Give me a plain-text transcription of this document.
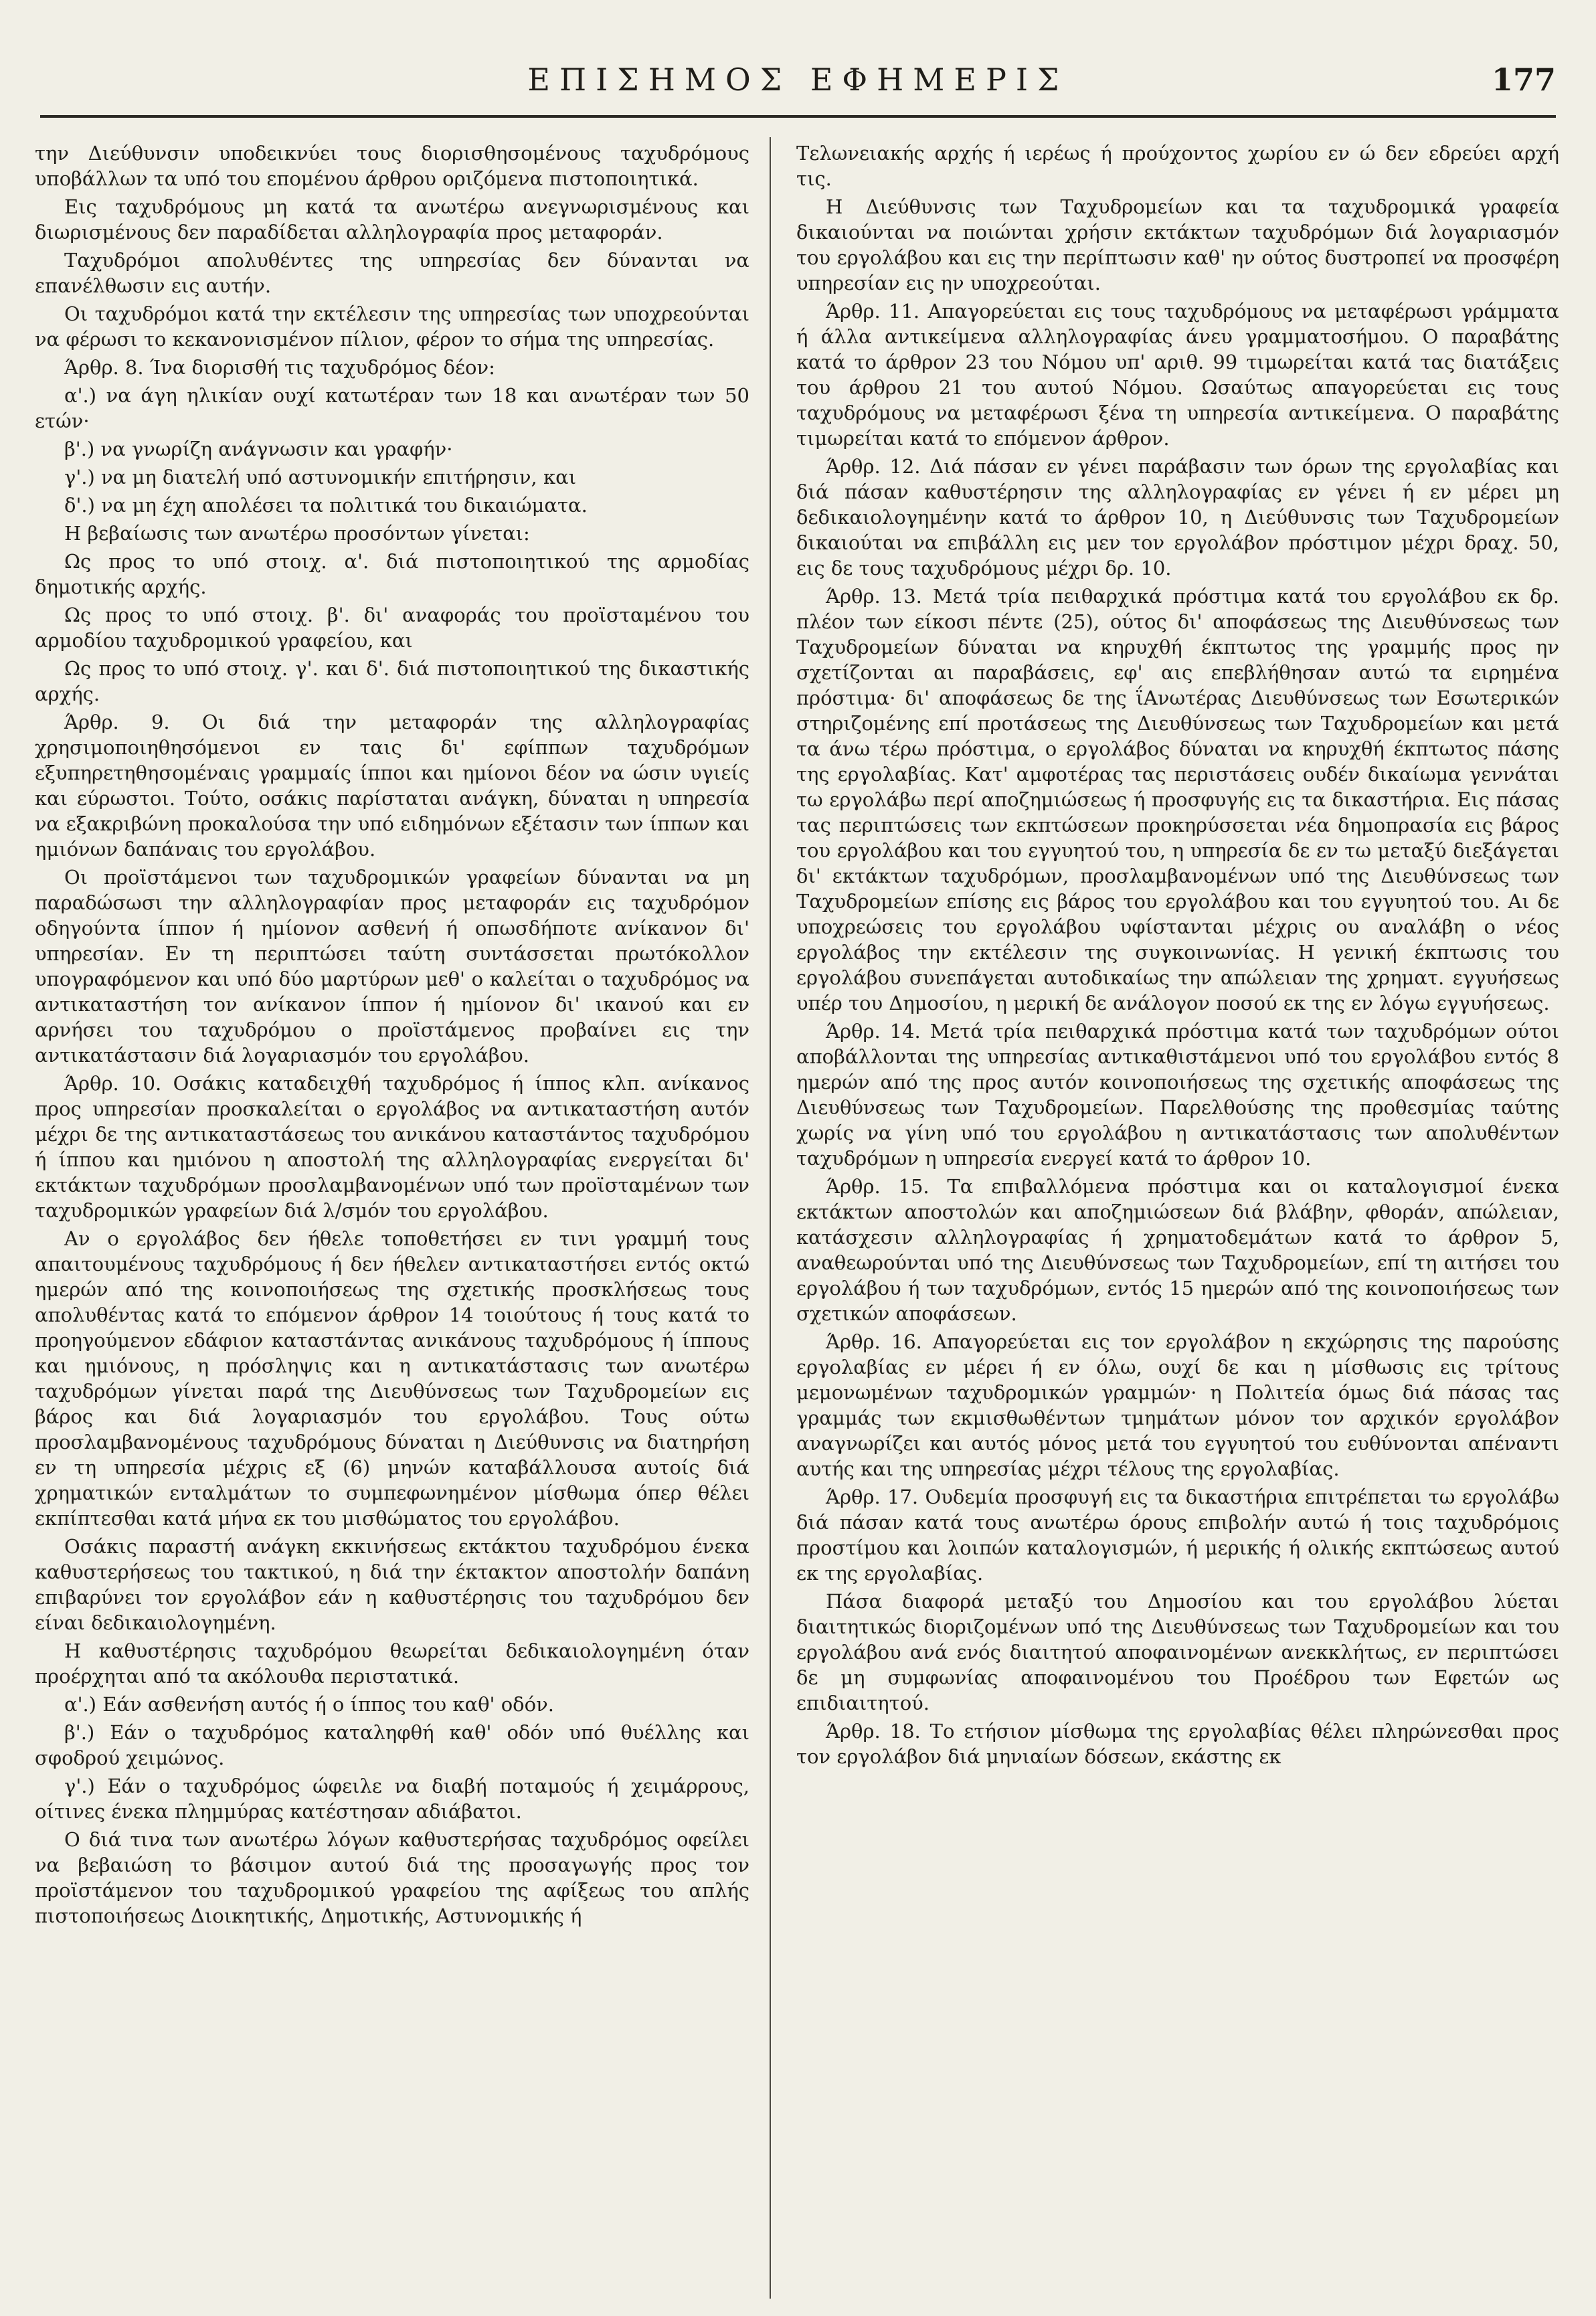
ΕΠΙΣΗΜΟΣ ΕΦΗΜΕΡΙΣ	177

την Διεύθυνσιν υποδεικνύει τους διορισθησομένους ταχυδρόμους υποβάλλων τα υπό του επομένου άρθρου οριζόμενα πιστοποιητικά.

Εις ταχυδρόμους μη κατά τα ανωτέρω ανεγνωρισμένους και διωρισμένους δεν παραδίδεται αλληλογραφία προς μεταφοράν.

Ταχυδρόμοι απολυθέντες της υπηρεσίας δεν δύνανται να επανέλθωσιν εις αυτήν.

Οι ταχυδρόμοι κατά την εκτέλεσιν της υπηρεσίας των υποχρεούνται να φέρωσι το κεκανονισμένον πίλιον, φέρον το σήμα της υπηρεσίας.

Άρθρ. 8. Ίνα διορισθή τις ταχυδρόμος δέον:

α'.) να άγη ηλικίαν ουχί κατωτέραν των 18 και ανωτέραν των 50 ετών·

β'.) να γνωρίζη ανάγνωσιν και γραφήν·

γ'.) να μη διατελή υπό αστυνομικήν επιτήρησιν, και

δ'.) να μη έχη απολέσει τα πολιτικά του δικαιώματα.

Η βεβαίωσις των ανωτέρω προσόντων γίνεται:

Ως προς το υπό στοιχ. α'. διά πιστοποιητικού της αρμοδίας δημοτικής αρχής.

Ως προς το υπό στοιχ. β'. δι' αναφοράς του προϊσταμένου του αρμοδίου ταχυδρομικού γραφείου, και

Ως προς το υπό στοιχ. γ'. και δ'. διά πιστοποιητικού της δικαστικής αρχής.

Άρθρ. 9. Οι διά την μεταφοράν της αλληλογραφίας χρησιμοποιηθησόμενοι εν ταις δι' εφίππων ταχυδρόμων εξυπηρετηθησομέναις γραμμαίς ίπποι και ημίονοι δέον να ώσιν υγιείς και εύρωστοι. Τούτο, οσάκις παρίσταται ανάγκη, δύναται η υπηρεσία να εξακριβώνη προκαλούσα την υπό ειδημόνων εξέτασιν των ίππων και ημιόνων δαπάναις του εργολάβου.

Οι προϊστάμενοι των ταχυδρομικών γραφείων δύνανται να μη παραδώσωσι την αλληλογραφίαν προς μεταφοράν εις ταχυδρόμον οδηγούντα ίππον ή ημίονον ασθενή ή οπωσδήποτε ανίκανον δι' υπηρεσίαν. Εν τη περιπτώσει ταύτη συντάσσεται πρωτόκολλον υπογραφόμενον και υπό δύο μαρτύρων μεθ' ο καλείται ο ταχυδρόμος να αντικαταστήση τον ανίκανον ίππον ή ημίονον δι' ικανού και εν αρνήσει του ταχυδρόμου ο προϊστάμενος προβαίνει εις την αντικατάστασιν διά λογαριασμόν του εργολάβου.

Άρθρ. 10. Οσάκις καταδειχθή ταχυδρόμος ή ίππος κλπ. ανίκανος προς υπηρεσίαν προσκαλείται ο εργολάβος να αντικαταστήση αυτόν μέχρι δε της αντικαταστάσεως του ανικάνου καταστάντος ταχυδρόμου ή ίππου και ημιόνου η αποστολή της αλληλογραφίας ενεργείται δι' εκτάκτων ταχυδρόμων προσλαμβανομένων υπό των προϊσταμένων των ταχυδρομικών γραφείων διά λ/σμόν του εργολάβου.

Αν ο εργολάβος δεν ήθελε τοποθετήσει εν τινι γραμμή τους απαιτουμένους ταχυδρόμους ή δεν ήθελεν αντικαταστήσει εντός οκτώ ημερών από της κοινοποιήσεως της σχετικής προσκλήσεως τους απολυθέντας κατά το επόμενον άρθρον 14 τοιούτους ή τους κατά το προηγούμενον εδάφιον καταστάντας ανικάνους ταχυδρόμους ή ίππους και ημιόνους, η πρόσληψις και η αντικατάστασις των ανωτέρω ταχυδρόμων γίνεται παρά της Διευθύνσεως των Ταχυδρομείων εις βάρος και διά λογαριασμόν του εργολάβου. Τους ούτω προσλαμβανομένους ταχυδρόμους δύναται η Διεύθυνσις να διατηρήση εν τη υπηρεσία μέχρις εξ (6) μηνών καταβάλλουσα αυτοίς διά χρηματικών ενταλμάτων το συμπεφωνημένον μίσθωμα όπερ θέλει εκπίπτεσθαι κατά μήνα εκ του μισθώματος του εργολάβου.

Οσάκις παραστή ανάγκη εκκινήσεως εκτάκτου ταχυδρόμου ένεκα καθυστερήσεως του τακτικού, η διά την έκτακτον αποστολήν δαπάνη επιβαρύνει τον εργολάβον εάν η καθυστέρησις του ταχυδρόμου δεν είναι δεδικαιολογημένη.

Η καθυστέρησις ταχυδρόμου θεωρείται δεδικαιολογημένη όταν προέρχηται από τα ακόλουθα περιστατικά.

α'.) Εάν ασθενήση αυτός ή ο ίππος του καθ' οδόν.

β'.) Εάν ο ταχυδρόμος καταληφθή καθ' οδόν υπό θυέλλης και σφοδρού χειμώνος.

γ'.) Εάν ο ταχυδρόμος ώφειλε να διαβή ποταμούς ή χειμάρρους, οίτινες ένεκα πλημμύρας κατέστησαν αδιάβατοι.

Ο διά τινα των ανωτέρω λόγων καθυστερήσας ταχυδρόμος οφείλει να βεβαιώση το βάσιμον αυτού διά της προσαγωγής προς τον προϊστάμενον του ταχυδρομικού γραφείου της αφίξεως του απλής πιστοποιήσεως Διοικητικής, Δημοτικής, Αστυνομικής ή

Τελωνειακής αρχής ή ιερέως ή προύχοντος χωρίου εν ώ δεν εδρεύει αρχή τις.

Η Διεύθυνσις των Ταχυδρομείων και τα ταχυδρομικά γραφεία δικαιούνται να ποιώνται χρήσιν εκτάκτων ταχυδρόμων διά λογαριασμόν του εργολάβου και εις την περίπτωσιν καθ' ην ούτος δυστροπεί να προσφέρη υπηρεσίαν εις ην υποχρεούται.

Άρθρ. 11. Απαγορεύεται εις τους ταχυδρόμους να μεταφέρωσι γράμματα ή άλλα αντικείμενα αλληλογραφίας άνευ γραμματοσήμου. Ο παραβάτης κατά το άρθρον 23 του Νόμου υπ' αριθ. 99 τιμωρείται κατά τας διατάξεις του άρθρου 21 του αυτού Νόμου. Ωσαύτως απαγορεύεται εις τους ταχυδρόμους να μεταφέρωσι ξένα τη υπηρεσία αντικείμενα. Ο παραβάτης τιμωρείται κατά το επόμενον άρθρον.

Άρθρ. 12. Διά πάσαν εν γένει παράβασιν των όρων της εργολαβίας και διά πάσαν καθυστέρησιν της αλληλογραφίας εν γένει ή εν μέρει μη δεδικαιολογημένην κατά το άρθρον 10, η Διεύθυνσις των Ταχυδρομείων δικαιούται να επιβάλλη εις μεν τον εργολάβον πρόστιμον μέχρι δραχ. 50, εις δε τους ταχυδρόμους μέχρι δρ. 10.

Άρθρ. 13. Μετά τρία πειθαρχικά πρόστιμα κατά του εργολάβου εκ δρ. πλέον των είκοσι πέντε (25), ούτος δι' αποφάσεως της Διευθύνσεως των Ταχυδρομείων δύναται να κηρυχθή έκπτωτος της γραμμής προς ην σχετίζονται αι παραβάσεις, εφ' αις επεβλήθησαν αυτώ τα ειρημένα πρόστιμα· δι' αποφάσεως δε της ΐΑνωτέρας Διευθύνσεως των Εσωτερικών στηριζομένης επί προτάσεως της Διευθύνσεως των Ταχυδρομείων και μετά τα άνω τέρω πρόστιμα, ο εργολάβος δύναται να κηρυχθή έκπτωτος πάσης της εργολαβίας. Κατ' αμφοτέρας τας περιστάσεις ουδέν δικαίωμα γεννάται τω εργολάβω περί αποζημιώσεως ή προσφυγής εις τα δικαστήρια. Εις πάσας τας περιπτώσεις των εκπτώσεων προκηρύσσεται νέα δημοπρασία εις βάρος του εργολάβου και του εγγυητού του, η υπηρεσία δε εν τω μεταξύ διεξάγεται δι' εκτάκτων ταχυδρόμων, προσλαμβανομένων υπό της Διευθύνσεως των Ταχυδρομείων επίσης εις βάρος του εργολάβου και του εγγυητού του. Αι δε υποχρεώσεις του εργολάβου υφίστανται μέχρις ου αναλάβη ο νέος εργολάβος την εκτέλεσιν της συγκοινωνίας. Η γενική έκπτωσις του εργολάβου συνεπάγεται αυτοδικαίως την απώλειαν της χρηματ. εγγυήσεως υπέρ του Δημοσίου, η μερική δε ανάλογον ποσού εκ της εν λόγω εγγυήσεως.

Άρθρ. 14. Μετά τρία πειθαρχικά πρόστιμα κατά των ταχυδρόμων ούτοι αποβάλλονται της υπηρεσίας αντικαθιστάμενοι υπό του εργολάβου εντός 8 ημερών από της προς αυτόν κοινοποιήσεως της σχετικής αποφάσεως της Διευθύνσεως των Ταχυδρομείων. Παρελθούσης της προθεσμίας ταύτης χωρίς να γίνη υπό του εργολάβου η αντικατάστασις των απολυθέντων ταχυδρόμων η υπηρεσία ενεργεί κατά το άρθρον 10.

Άρθρ. 15. Τα επιβαλλόμενα πρόστιμα και οι καταλογισμοί ένεκα εκτάκτων αποστολών και αποζημιώσεων διά βλάβην, φθοράν, απώλειαν, κατάσχεσιν αλληλογραφίας ή χρηματοδεμάτων κατά το άρθρον 5, αναθεωρούνται υπό της Διευθύνσεως των Ταχυδρομείων, επί τη αιτήσει του εργολάβου ή των ταχυδρόμων, εντός 15 ημερών από της κοινοποιήσεως των σχετικών αποφάσεων.

Άρθρ. 16. Απαγορεύεται εις τον εργολάβον η εκχώρησις της παρούσης εργολαβίας εν μέρει ή εν όλω, ουχί δε και η μίσθωσις εις τρίτους μεμονωμένων ταχυδρομικών γραμμών· η Πολιτεία όμως διά πάσας τας γραμμάς των εκμισθωθέντων τμημάτων μόνον τον αρχικόν εργολάβον αναγνωρίζει και αυτός μόνος μετά του εγγυητού του ευθύνονται απέναντι αυτής και της υπηρεσίας μέχρι τέλους της εργολαβίας.

Άρθρ. 17. Ουδεμία προσφυγή εις τα δικαστήρια επιτρέπεται τω εργολάβω διά πάσαν κατά τους ανωτέρω όρους επιβολήν αυτώ ή τοις ταχυδρόμοις προστίμου και λοιπών καταλογισμών, ή μερικής ή ολικής εκπτώσεως αυτού εκ της εργολαβίας.

Πάσα διαφορά μεταξύ του Δημοσίου και του εργολάβου λύεται διαιτητικώς διοριζομένων υπό της Διευθύνσεως των Ταχυδρομείων και του εργολάβου ανά ενός διαιτητού αποφαινομένων ανεκκλήτως, εν περιπτώσει δε μη συμφωνίας αποφαινομένου του Προέδρου των Εφετών ως επιδιαιτητού.

Άρθρ. 18. Το ετήσιον μίσθωμα της εργολαβίας θέλει πληρώνεσθαι προς τον εργολάβον διά μηνιαίων δόσεων, εκάστης εκ
